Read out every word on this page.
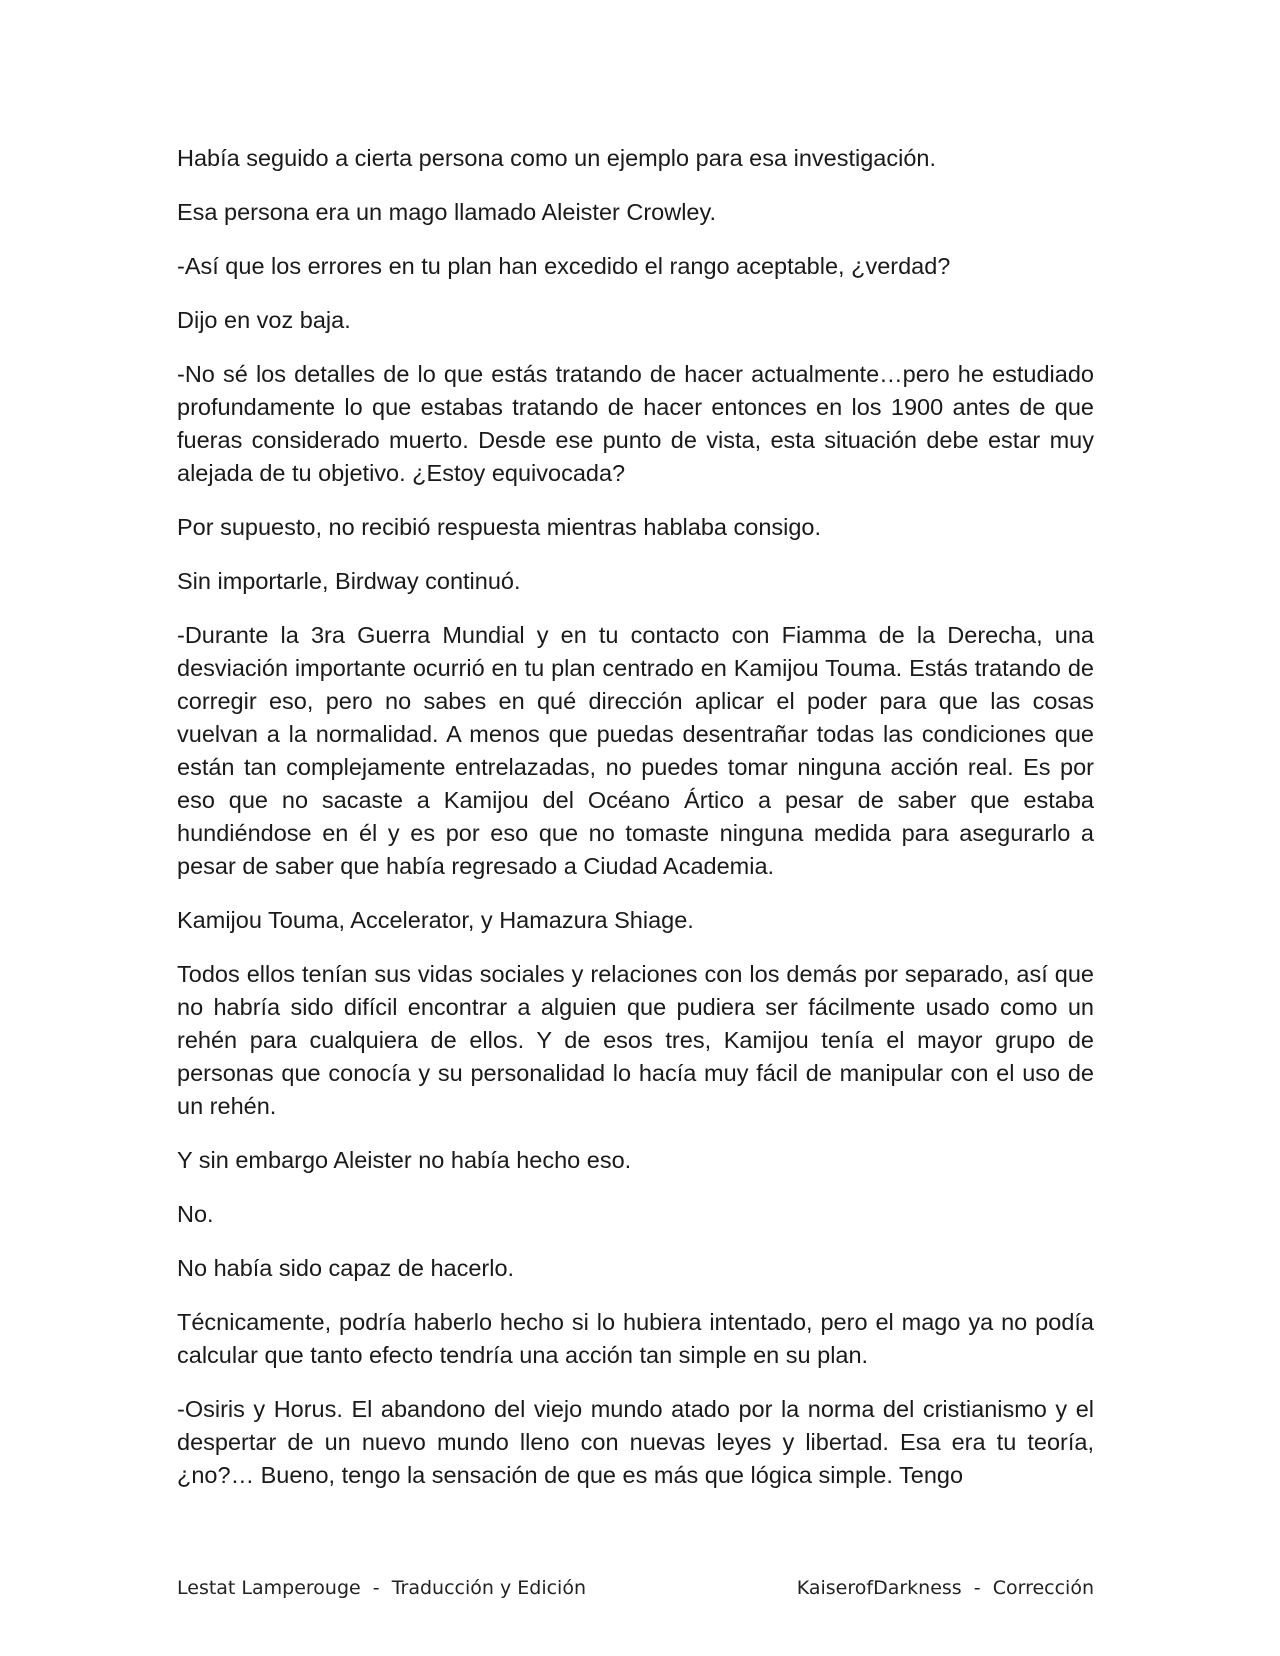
Había seguido a cierta persona como un ejemplo para esa investigación.

Esa persona era un mago llamado Aleister Crowley.

-Así que los errores en tu plan han excedido el rango aceptable, ¿verdad?

Dijo en voz baja.

-No sé los detalles de lo que estás tratando de hacer actualmente…pero he estudiado profundamente lo que estabas tratando de hacer entonces en los 1900 antes de que fueras considerado muerto. Desde ese punto de vista, esta situación debe estar muy alejada de tu objetivo. ¿Estoy equivocada?

Por supuesto, no recibió respuesta mientras hablaba consigo.

Sin importarle, Birdway continuó.

-Durante la 3ra Guerra Mundial y en tu contacto con Fiamma de la Derecha, una desviación importante ocurrió en tu plan centrado en Kamijou Touma. Estás tratando de corregir eso, pero no sabes en qué dirección aplicar el poder para que las cosas vuelvan a la normalidad. A menos que puedas desentrañar todas las condiciones que están tan complejamente entrelazadas, no puedes tomar ninguna acción real. Es por eso que no sacaste a Kamijou del Océano Ártico a pesar de saber que estaba hundiéndose en él y es por eso que no tomaste ninguna medida para asegurarlo a pesar de saber que había regresado a Ciudad Academia.

Kamijou Touma, Accelerator, y Hamazura Shiage.

Todos ellos tenían sus vidas sociales y relaciones con los demás por separado, así que no habría sido difícil encontrar a alguien que pudiera ser fácilmente usado como un rehén para cualquiera de ellos. Y de esos tres, Kamijou tenía el mayor grupo de personas que conocía y su personalidad lo hacía muy fácil de manipular con el uso de un rehén.

Y sin embargo Aleister no había hecho eso.

No.

No había sido capaz de hacerlo.

Técnicamente, podría haberlo hecho si lo hubiera intentado, pero el mago ya no podía calcular que tanto efecto tendría una acción tan simple en su plan.

-Osiris y Horus. El abandono del viejo mundo atado por la norma del cristianismo y el despertar de un nuevo mundo lleno con nuevas leyes y libertad. Esa era tu teoría, ¿no?… Bueno, tengo la sensación de que es más que lógica simple. Tengo

Lestat Lamperouge  -  Traducción y Edición	KaiserofDarkness  -  Corrección
